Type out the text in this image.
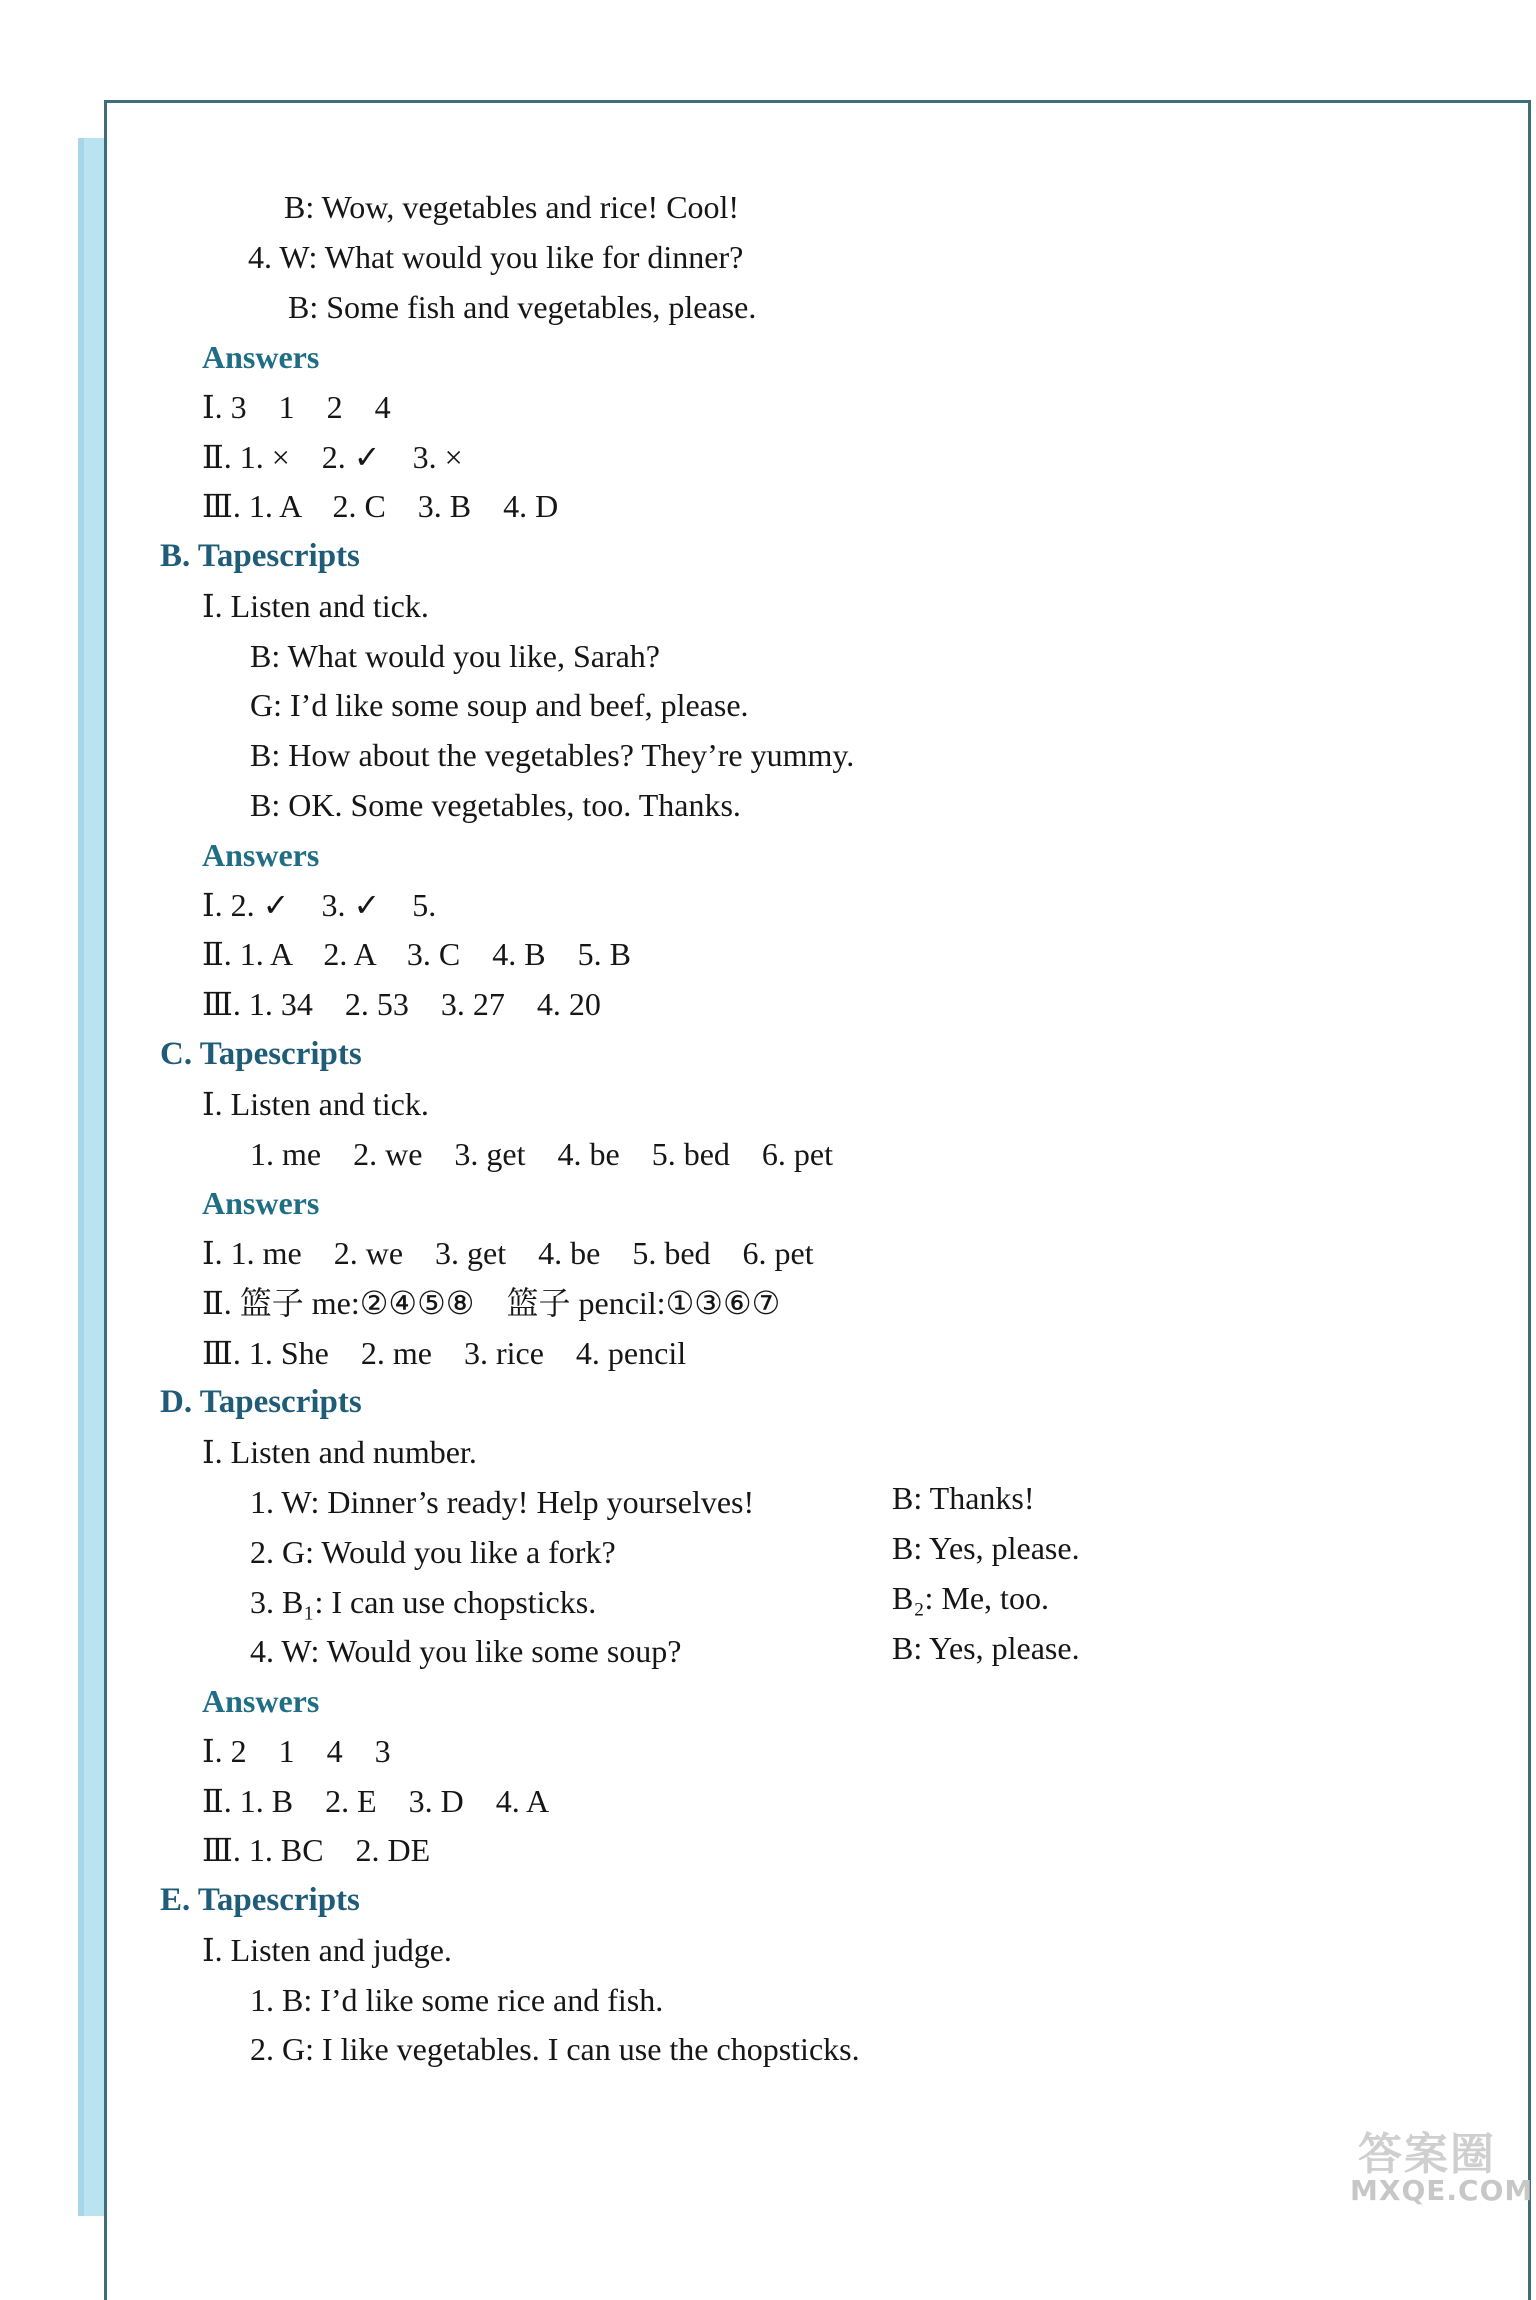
B: Wow, vegetables and rice! Cool!
4. W: What would you like for dinner?
B: Some fish and vegetables, please.
Answers
Ⅰ. 3    1    2    4
Ⅱ. 1. ×    2. ✓    3. ×
Ⅲ. 1. A    2. C    3. B    4. D
B. Tapescripts
Ⅰ. Listen and tick.
B: What would you like, Sarah?
G: I’d like some soup and beef, please.
B: How about the vegetables? They’re yummy.
B: OK. Some vegetables, too. Thanks.
Answers
Ⅰ. 2. ✓    3. ✓    5.
Ⅱ. 1. A    2. A    3. C    4. B    5. B
Ⅲ. 1. 34    2. 53    3. 27    4. 20
C. Tapescripts
Ⅰ. Listen and tick.
1. me    2. we    3. get    4. be    5. bed    6. pet
Answers
Ⅰ. 1. me    2. we    3. get    4. be    5. bed    6. pet
Ⅱ. 篮子 me:②④⑤⑧    篮子 pencil:①③⑥⑦
Ⅲ. 1. She    2. me    3. rice    4. pencil
D. Tapescripts
Ⅰ. Listen and number.
1. W: Dinner’s ready! Help yourselves!	B: Thanks!
2. G: Would you like a fork?	B: Yes, please.
3. B₁: I can use chopsticks.	B₂: Me, too.
4. W: Would you like some soup?	B: Yes, please.
Answers
Ⅰ. 2    1    4    3
Ⅱ. 1. B    2. E    3. D    4. A
Ⅲ. 1. BC    2. DE
E. Tapescripts
Ⅰ. Listen and judge.
1. B: I’d like some rice and fish.
2. G: I like vegetables. I can use the chopsticks.
答案圈
MXQE.COM
